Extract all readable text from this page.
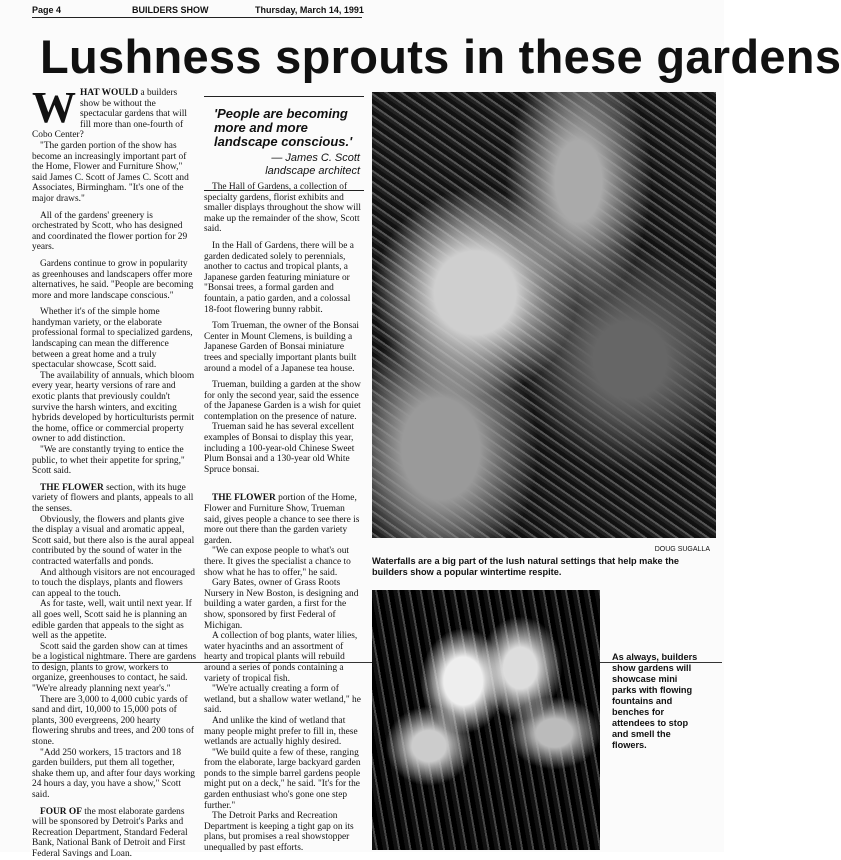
Page 4	BUILDERS SHOW	Thursday, March 14, 1991
Lushness sprouts in these gardens

WHAT WOULD a builders show be without the spectacular gardens that will fill more than one-fourth of Cobo Center?

"The garden portion of the show has become an increasingly important part of the Home, Flower and Furniture Show," said James C. Scott of James C. Scott and Associates, Birmingham. "It's one of the major draws."

All of the gardens' greenery is orchestrated by Scott, who has designed and coordinated the flower portion for 29 years.

Gardens continue to grow in popularity as greenhouses and landscapers offer more alternatives, he said. "People are becoming more and more landscape conscious."

Whether it's of the simple home handyman variety, or the elaborate professional formal to specialized gardens, landscaping can mean the difference between a great home and a truly spectacular showcase, Scott said.

The availability of annuals, which bloom every year, hearty versions of rare and exotic plants that previously couldn't survive the harsh winters, and exciting hybrids developed by horticulturists permit the home, office or commercial property owner to add distinction.

"We are constantly trying to entice the public, to whet their appetite for spring," Scott said.

THE FLOWER section, with its huge variety of flowers and plants, appeals to all the senses.

Obviously, the flowers and plants give the display a visual and aromatic appeal, Scott said, but there also is the aural appeal contributed by the sound of water in the contracted waterfalls and ponds.

And although visitors are not encouraged to touch the displays, plants and flowers can appeal to the touch.

As for taste, well, wait until next year. If all goes well, Scott said he is planning an edible garden that appeals to the sight as well as the appetite.

Scott said the garden show can at times be a logistical nightmare. There are gardens to design, plants to grow, workers to organize, greenhouses to contact, he said. "We're already planning next year's."

There are 3,000 to 4,000 cubic yards of sand and dirt, 10,000 to 15,000 pots of plants, 300 evergreens, 200 hearty flowering shrubs and trees, and 200 tons of stone.

"Add 250 workers, 15 tractors and 18 garden builders, put them all together, shake them up, and after four days working 24 hours a day, you have a show," Scott said.

FOUR OF the most elaborate gardens will be sponsored by Detroit's Parks and Recreation Department, Standard Federal Bank, National Bank of Detroit and First Federal Savings and Loan.

'People are becoming more and more landscape conscious.'
— James C. Scott
landscape architect

The Hall of Gardens, a collection of specialty gardens, florist exhibits and smaller displays throughout the show will make up the remainder of the show, Scott said.

In the Hall of Gardens, there will be a garden dedicated solely to perennials, another to cactus and tropical plants, a Japanese garden featuring miniature or "Bonsai trees, a formal garden and fountain, a patio garden, and a colossal 18-foot flowering bunny rabbit.

Tom Trueman, the owner of the Bonsai Center in Mount Clemens, is building a Japanese Garden of Bonsai miniature trees and specially important plants built around a model of a Japanese tea house.

Trueman, building a garden at the show for only the second year, said the essence of the Japanese Garden is a wish for quiet contemplation on the presence of nature.

Trueman said he has several excellent examples of Bonsai to display this year, including a 100-year-old Chinese Sweet Plum Bonsai and a 130-year old White Spruce bonsai.

THE FLOWER portion of the Home, Flower and Furniture Show, Trueman said, gives people a chance to see there is more out there than the garden variety garden.

"We can expose people to what's out there. It gives the specialist a chance to show what he has to offer," he said.

Gary Bates, owner of Grass Roots Nursery in New Boston, is designing and building a water garden, a first for the show, sponsored by first Federal of Michigan.

A collection of bog plants, water lilies, water hyacinths and an assortment of hearty and tropical plants will rebuild around a series of ponds containing a variety of tropical fish.

"We're actually creating a form of wetland, but a shallow water wetland," he said.

And unlike the kind of wetland that many people might prefer to fill in, these wetlands are actually highly desired.

"We build quite a few of these, ranging from the elaborate, large backyard garden ponds to the simple barrel gardens people might put on a deck," he said. "It's for the garden enthusiast who's gone one step further."

The Detroit Parks and Recreation Department is keeping a tight gap on its plans, but promises a real showstopper unequalled by past efforts.

DOUG SUGALLA
Waterfalls are a big part of the lush natural settings that help make the builders show a popular wintertime respite.
As always, builders show gardens will showcase mini parks with flowing fountains and benches for attendees to stop and smell the flowers.
